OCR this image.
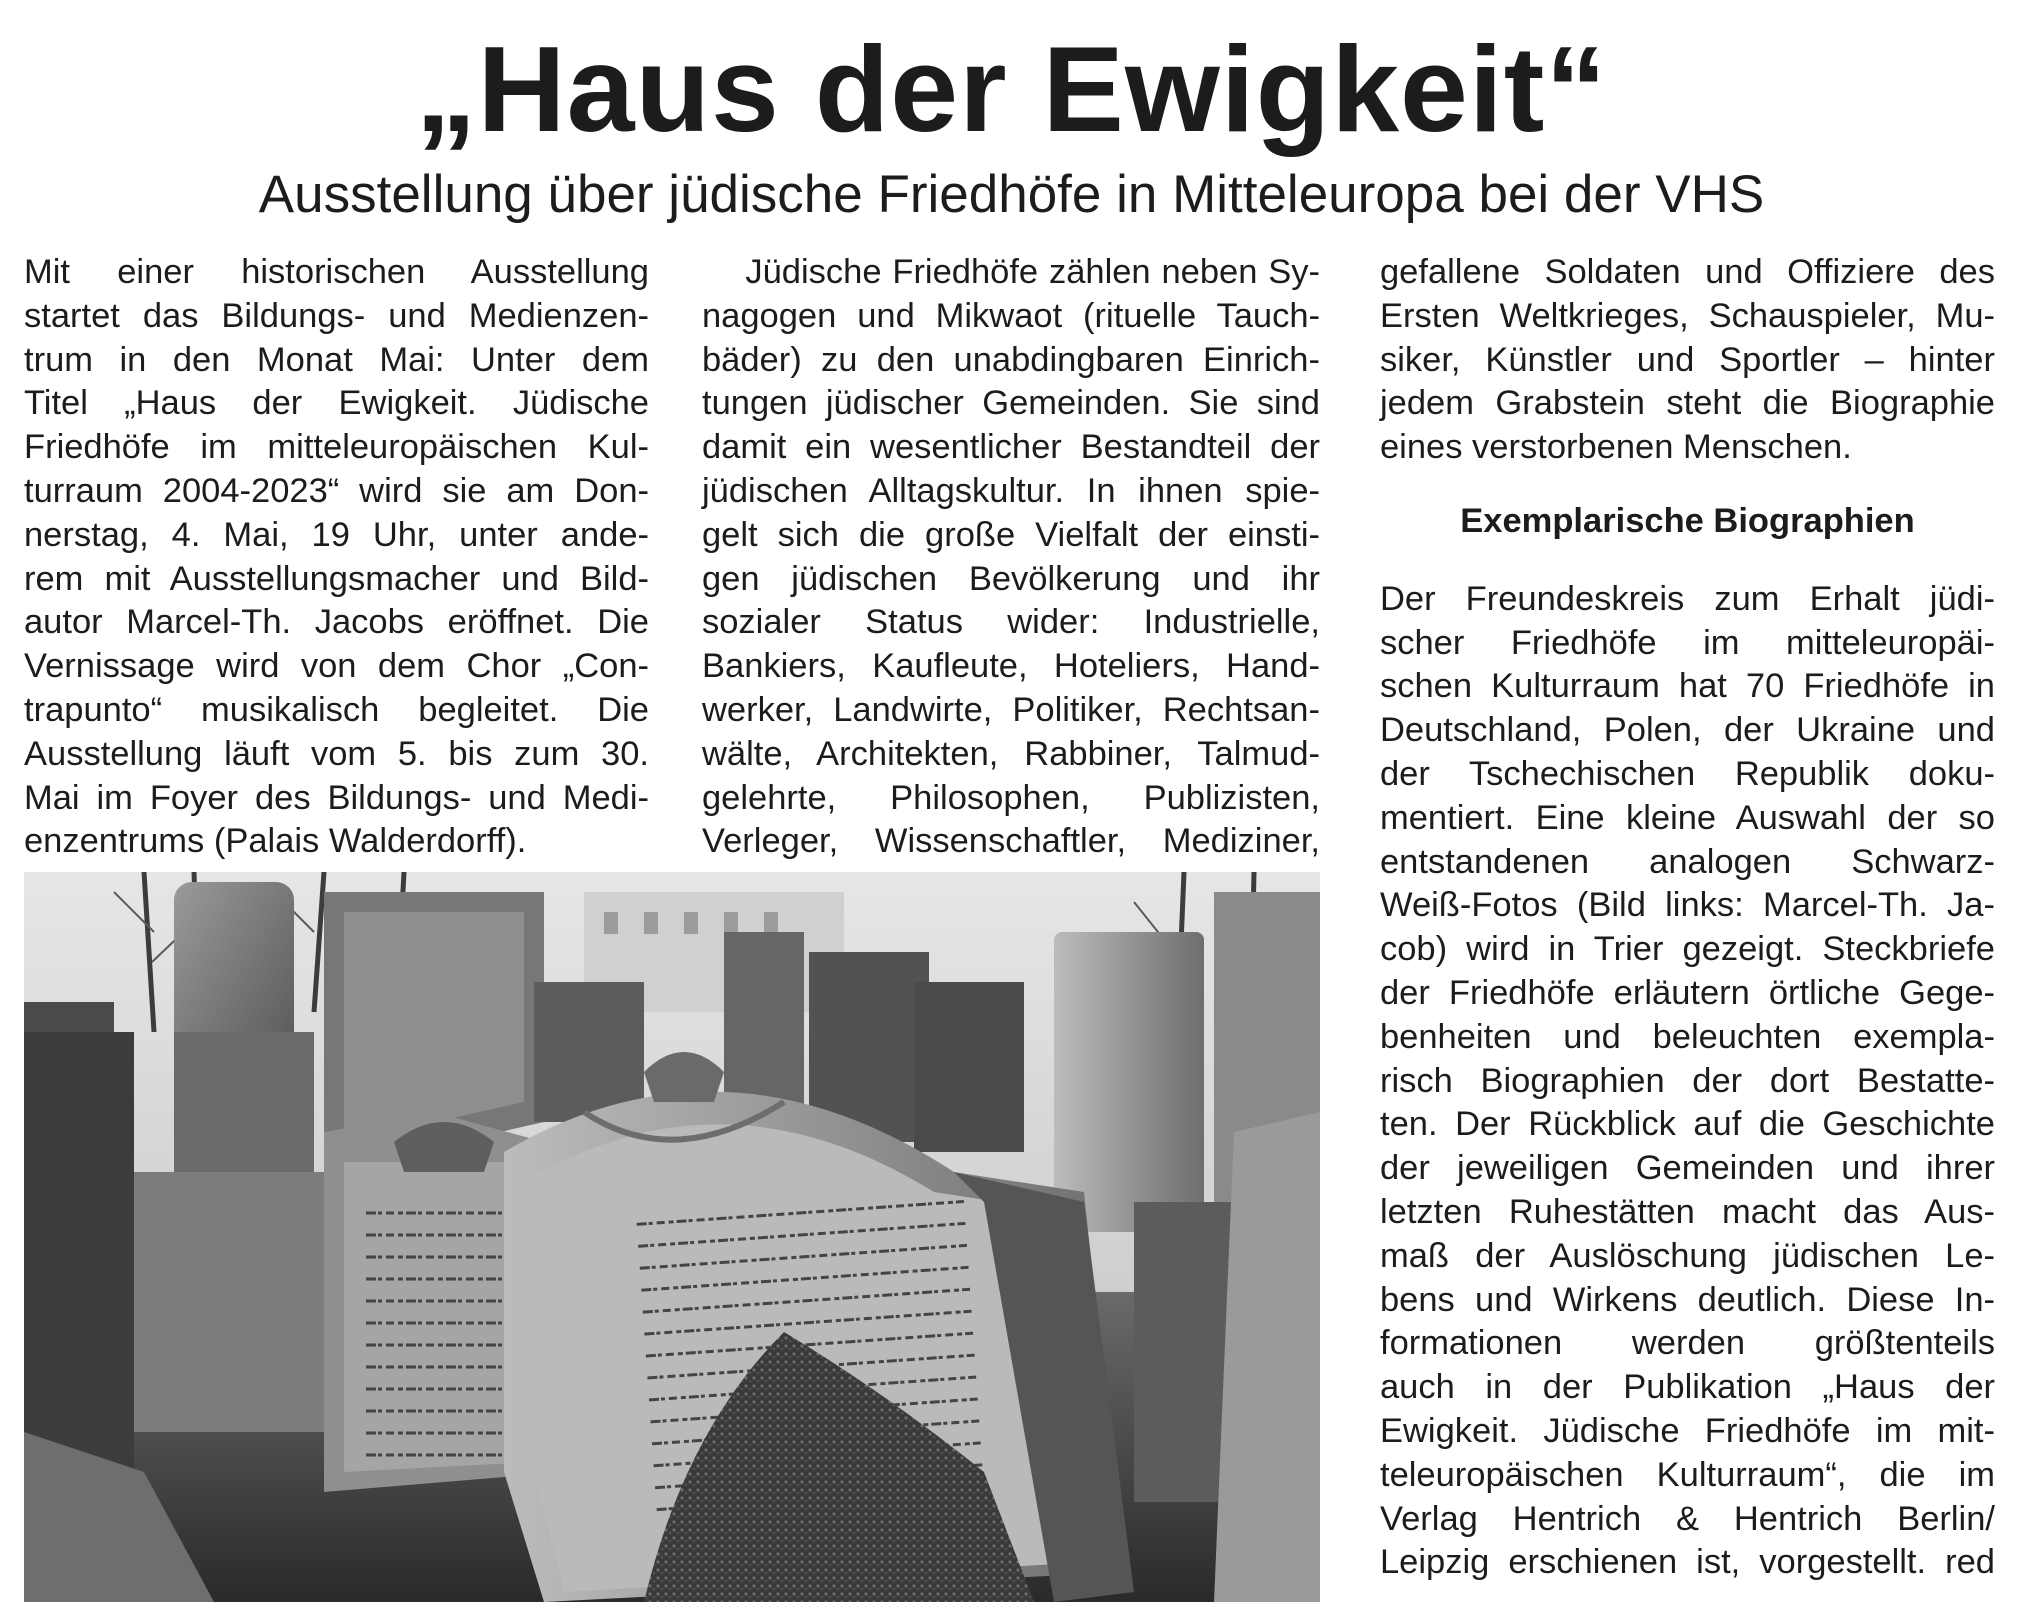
„Haus der Ewigkeit“
Ausstellung über jüdische Friedhöfe in Mitteleuropa bei der VHS
Mit einer historischen Ausstellung
startet das Bildungs- und Medienzen-
trum in den Monat Mai: Unter dem
Titel „Haus der Ewigkeit. Jüdische
Friedhöfe im mitteleuropäischen Kul-
turraum 2004-2023“ wird sie am Don-
nerstag, 4. Mai, 19 Uhr, unter ande-
rem mit Ausstellungsmacher und Bild-
autor Marcel-Th. Jacobs eröffnet. Die
Vernissage wird von dem Chor „Con-
trapunto“ musikalisch begleitet. Die
Ausstellung läuft vom 5. bis zum 30.
Mai im Foyer des Bildungs- und Medi-
enzentrums (Palais Walderdorff).
Jüdische Friedhöfe zählen neben Sy-
nagogen und Mikwaot (rituelle Tauch-
bäder) zu den unabdingbaren Einrich-
tungen jüdischer Gemeinden. Sie sind
damit ein wesentlicher Bestandteil der
jüdischen Alltagskultur. In ihnen spie-
gelt sich die große Vielfalt der einsti-
gen jüdischen Bevölkerung und ihr
sozialer Status wider: Industrielle,
Bankiers, Kaufleute, Hoteliers, Hand-
werker, Landwirte, Politiker, Rechtsan-
wälte, Architekten, Rabbiner, Talmud-
gelehrte, Philosophen, Publizisten,
Verleger, Wissenschaftler, Mediziner,
gefallene Soldaten und Offiziere des
Ersten Weltkrieges, Schauspieler, Mu-
siker, Künstler und Sportler – hinter
jedem Grabstein steht die Biographie
eines verstorbenen Menschen.
Exemplarische Biographien
Der Freundeskreis zum Erhalt jüdi-
scher Friedhöfe im mitteleuropäi-
schen Kulturraum hat 70 Friedhöfe in
Deutschland, Polen, der Ukraine und
der Tschechischen Republik doku-
mentiert. Eine kleine Auswahl der so
entstandenen analogen Schwarz-
Weiß-Fotos (Bild links: Marcel-Th. Ja-
cob) wird in Trier gezeigt. Steckbriefe
der Friedhöfe erläutern örtliche Gege-
benheiten und beleuchten exempla-
risch Biographien der dort Bestatte-
ten. Der Rückblick auf die Geschichte
der jeweiligen Gemeinden und ihrer
letzten Ruhestätten macht das Aus-
maß der Auslöschung jüdischen Le-
bens und Wirkens deutlich. Diese In-
formationen werden größtenteils
auch in der Publikation „Haus der
Ewigkeit. Jüdische Friedhöfe im mit-
teleuropäischen Kulturraum“, die im
Verlag Hentrich & Hentrich Berlin/
Leipzig erschienen ist, vorgestellt. red
